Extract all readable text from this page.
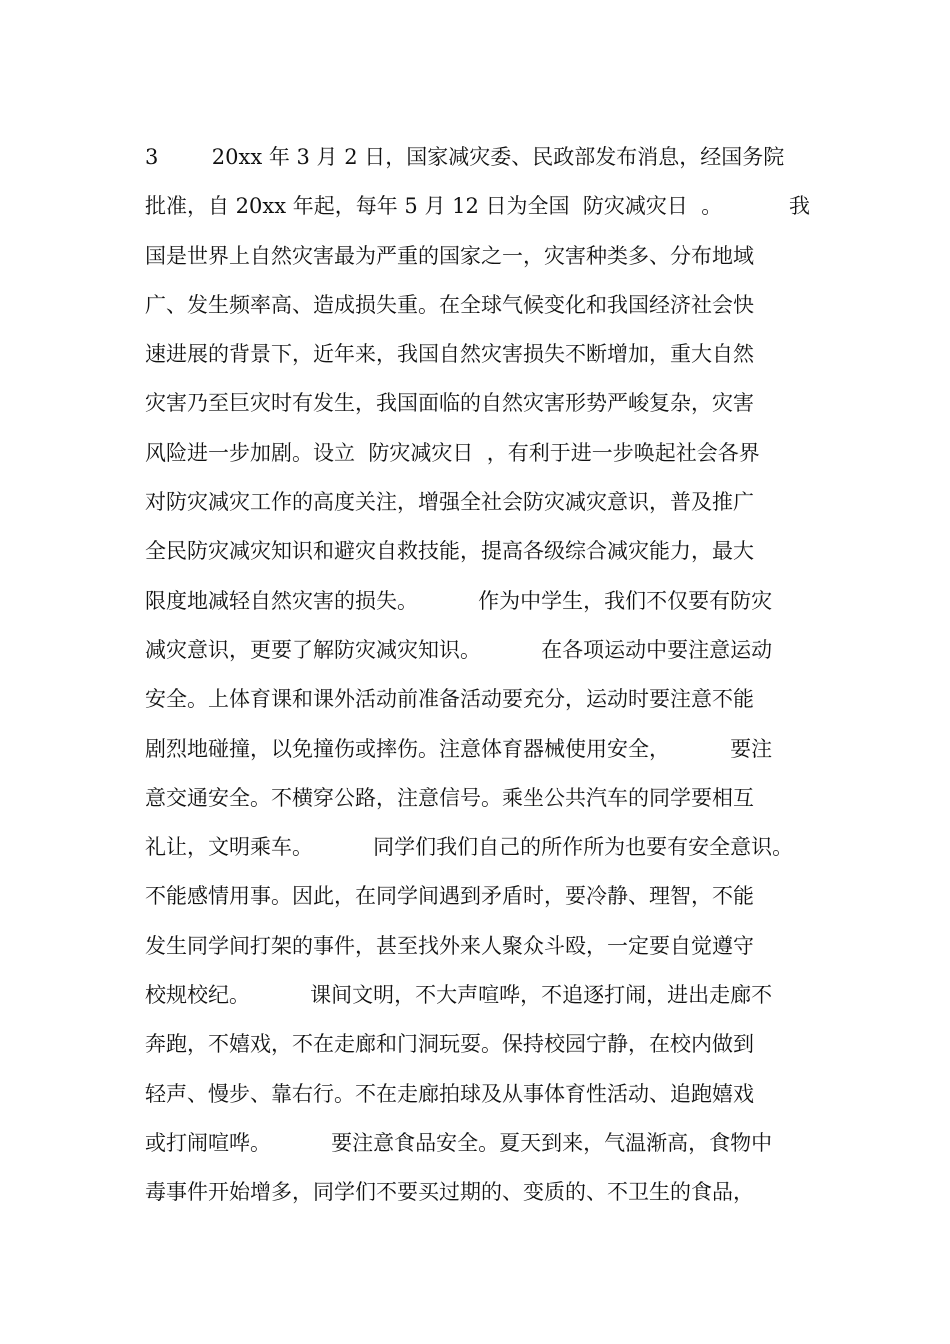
3        20xx 年 3 月 2 日，国家减灾委、民政部发布消息，经国务院
批准，自 20xx 年起，每年 5 月 12 日为全国  防灾减灾日  。          我
国是世界上自然灾害最为严重的国家之一，灾害种类多、分布地域
广、发生频率高、造成损失重。在全球气候变化和我国经济社会快
速进展的背景下，近年来，我国自然灾害损失不断增加，重大自然
灾害乃至巨灾时有发生，我国面临的自然灾害形势严峻复杂，灾害
风险进一步加剧。设立  防灾减灾日  ，有利于进一步唤起社会各界
对防灾减灾工作的高度关注，增强全社会防灾减灾意识，普及推广
全民防灾减灾知识和避灾自救技能，提高各级综合减灾能力，最大
限度地减轻自然灾害的损失。         作为中学生，我们不仅要有防灾
减灾意识，更要了解防灾减灾知识。         在各项运动中要注意运动
安全。上体育课和课外活动前准备活动要充分，运动时要注意不能
剧烈地碰撞，以免撞伤或摔伤。注意体育器械使用安全，         要注
意交通安全。不横穿公路，注意信号。乘坐公共汽车的同学要相互
礼让，文明乘车。         同学们我们自己的所作所为也要有安全意识。
不能感情用事。因此，在同学间遇到矛盾时，要冷静、理智，不能
发生同学间打架的事件，甚至找外来人聚众斗殴，一定要自觉遵守
校规校纪。         课间文明，不大声喧哗，不追逐打闹，进出走廊不
奔跑，不嬉戏，不在走廊和门洞玩耍。保持校园宁静，在校内做到
轻声、慢步、靠右行。不在走廊拍球及从事体育性活动、追跑嬉戏
或打闹喧哗。         要注意食品安全。夏天到来，气温渐高，食物中
毒事件开始增多，同学们不要买过期的、变质的、不卫生的食品，
